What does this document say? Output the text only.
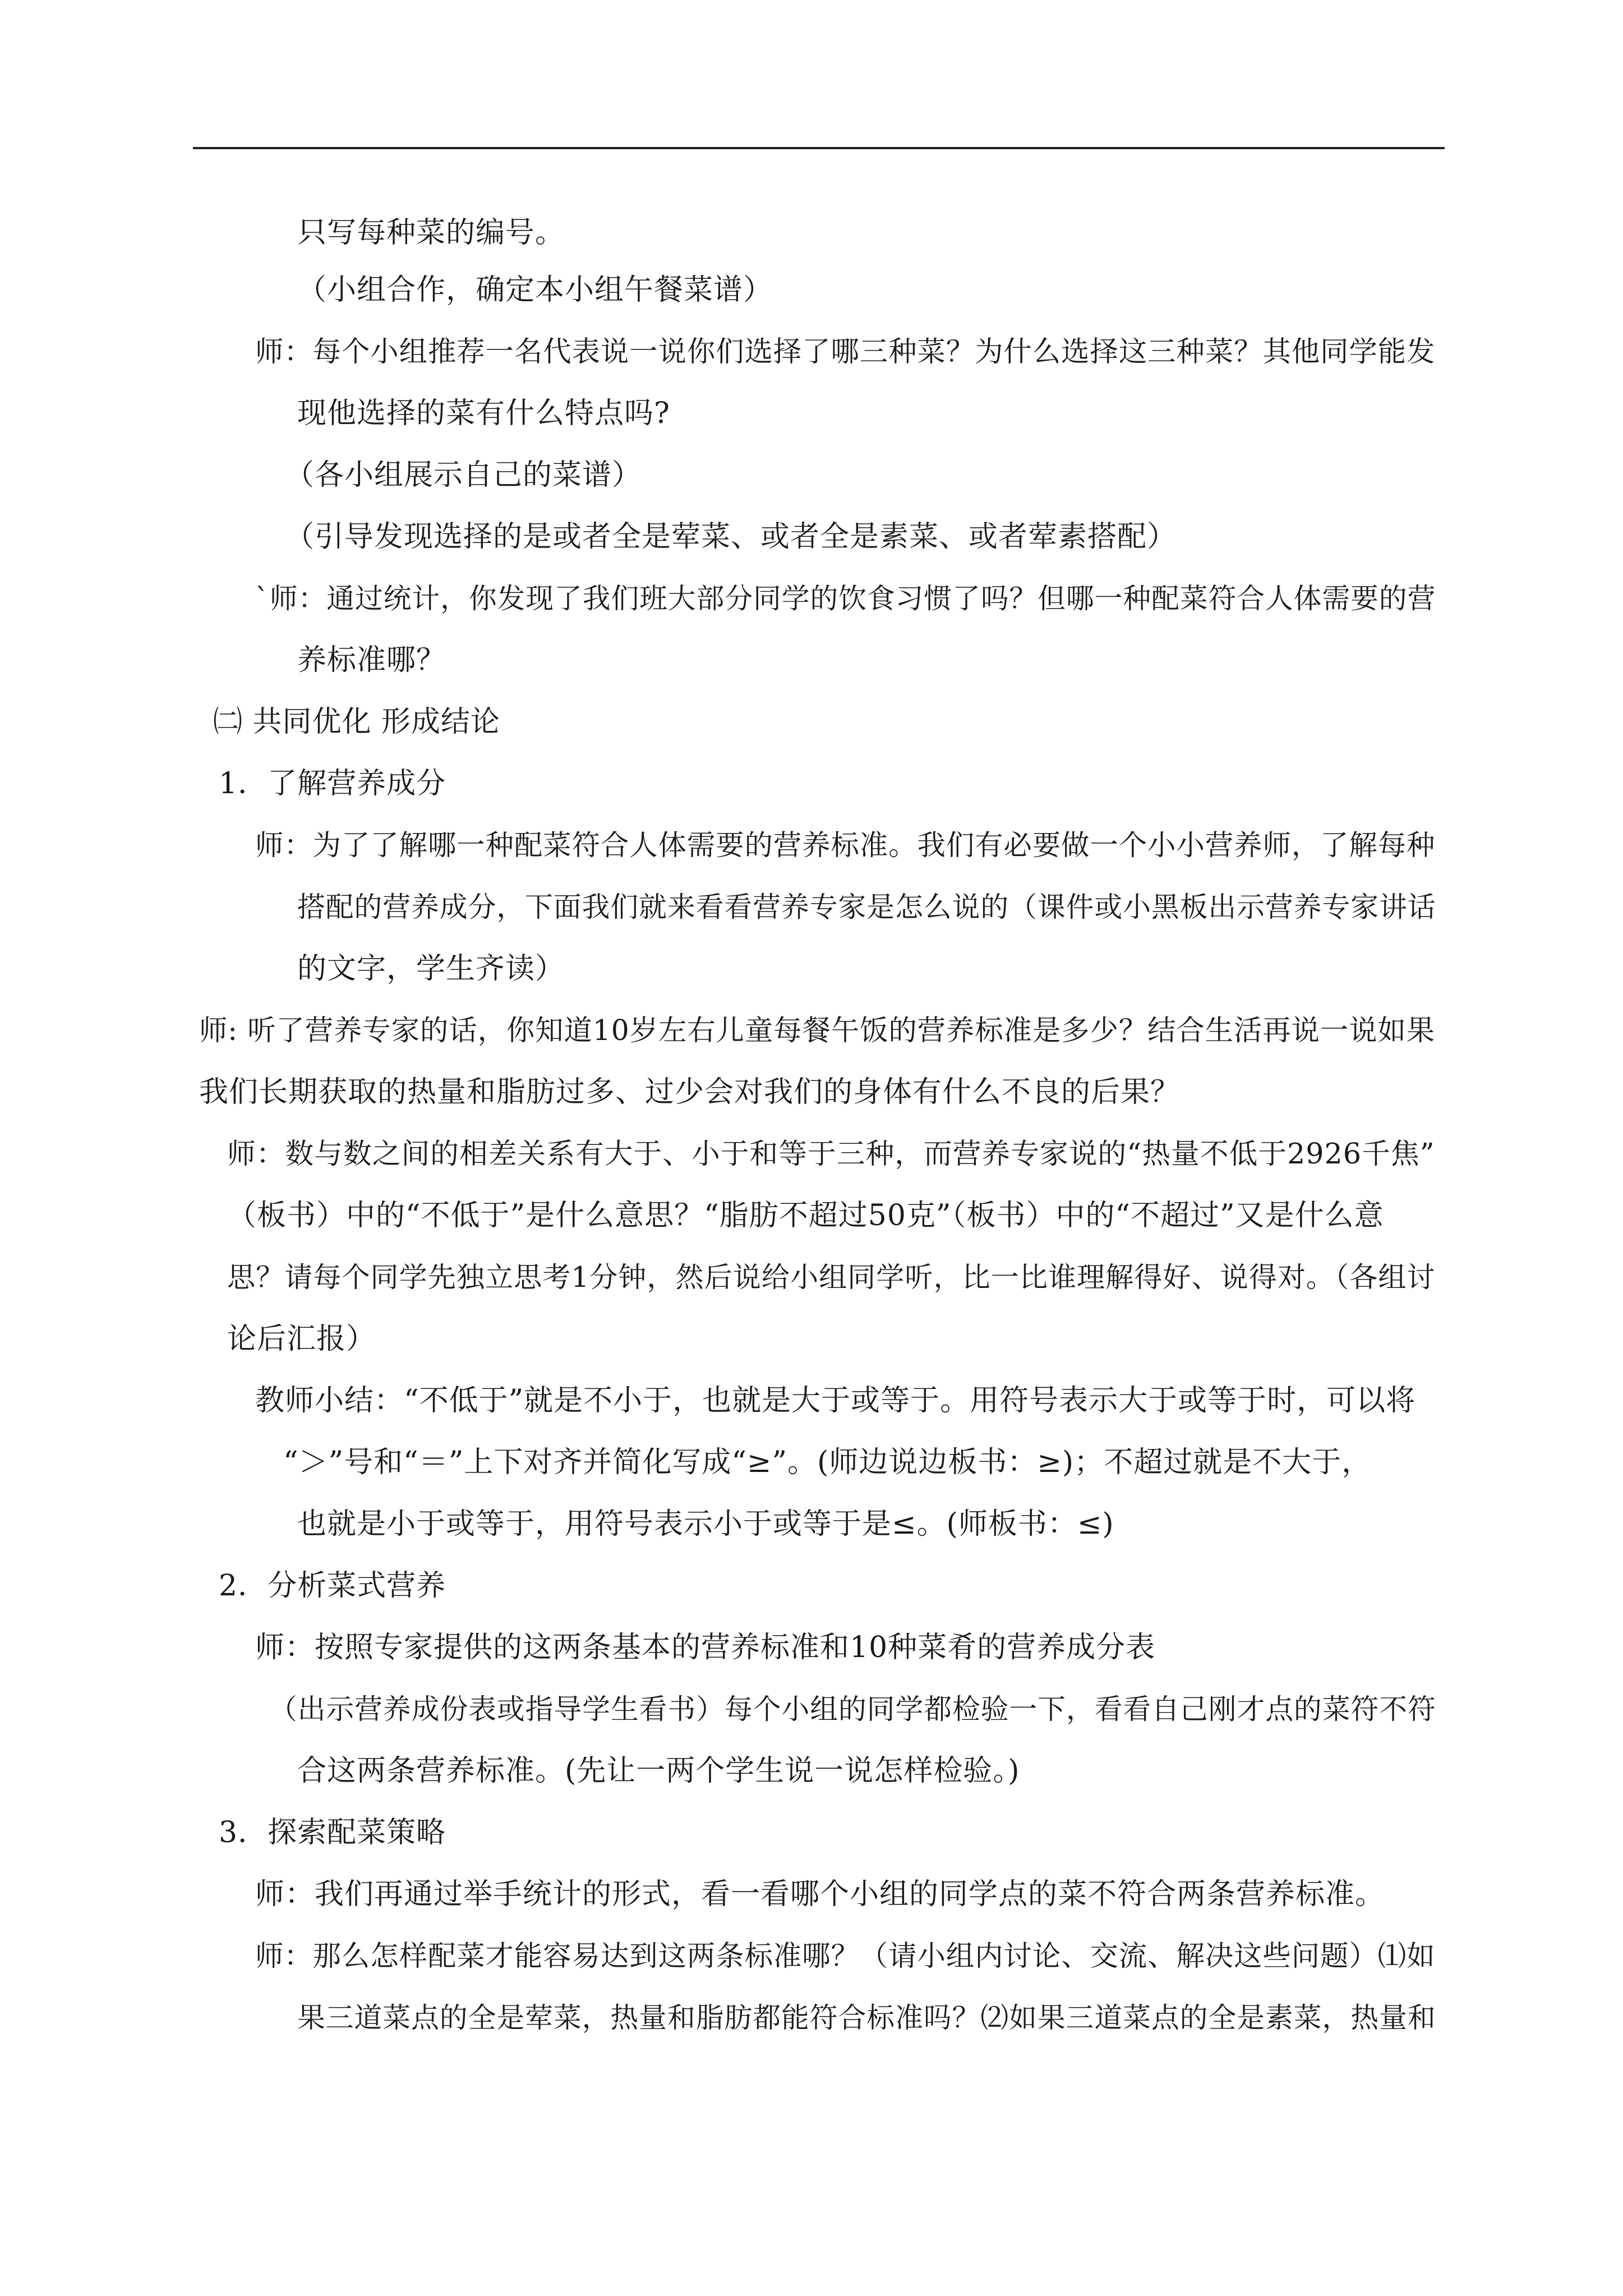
只写每种菜的编号。
（小组合作，确定本小组午餐菜谱）
师：每个小组推荐一名代表说一说你们选择了哪三种菜？为什么选择这三种菜？其他同学能发
现他选择的菜有什么特点吗?
（各小组展示自己的菜谱）
（引导发现选择的是或者全是荤菜、或者全是素菜、或者荤素搭配）
`师：通过统计，你发现了我们班大部分同学的饮食习惯了吗？但哪一种配菜符合人体需要的营
养标准哪？
㈡ 共同优化 形成结论
1．了解营养成分
师：为了了解哪一种配菜符合人体需要的营养标准。我们有必要做一个小小营养师，了解每种
搭配的营养成分，下面我们就来看看营养专家是怎么说的（课件或小黑板出示营养专家讲话
的文字，学生齐读）
师: 听了营养专家的话，你知道10岁左右儿童每餐午饭的营养标准是多少？结合生活再说一说如果
我们长期获取的热量和脂肪过多、过少会对我们的身体有什么不良的后果？
师：数与数之间的相差关系有大于、小于和等于三种，而营养专家说的“热量不低于2926千焦”
（板书）中的“不低于”是什么意思？“脂肪不超过50克”（板书）中的“不超过”又是什么意
思？请每个同学先独立思考1分钟，然后说给小组同学听，比一比谁理解得好、说得对。（各组讨
论后汇报）
教师小结：“不低于”就是不小于，也就是大于或等于。用符号表示大于或等于时，可以将
“＞”号和“＝”上下对齐并简化写成“≥”。(师边说边板书：≥)；不超过就是不大于，
也就是小于或等于，用符号表示小于或等于是≤。(师板书：≤)
2．分析菜式营养
师：按照专家提供的这两条基本的营养标准和10种菜肴的营养成分表
（出示营养成份表或指导学生看书）每个小组的同学都检验一下，看看自己刚才点的菜符不符
合这两条营养标准。(先让一两个学生说一说怎样检验。)
3．探索配菜策略
师：我们再通过举手统计的形式，看一看哪个小组的同学点的菜不符合两条营养标准。
师：那么怎样配菜才能容易达到这两条标准哪？（请小组内讨论、交流、解决这些问题）⑴如
果三道菜点的全是荤菜，热量和脂肪都能符合标准吗？⑵如果三道菜点的全是素菜，热量和
